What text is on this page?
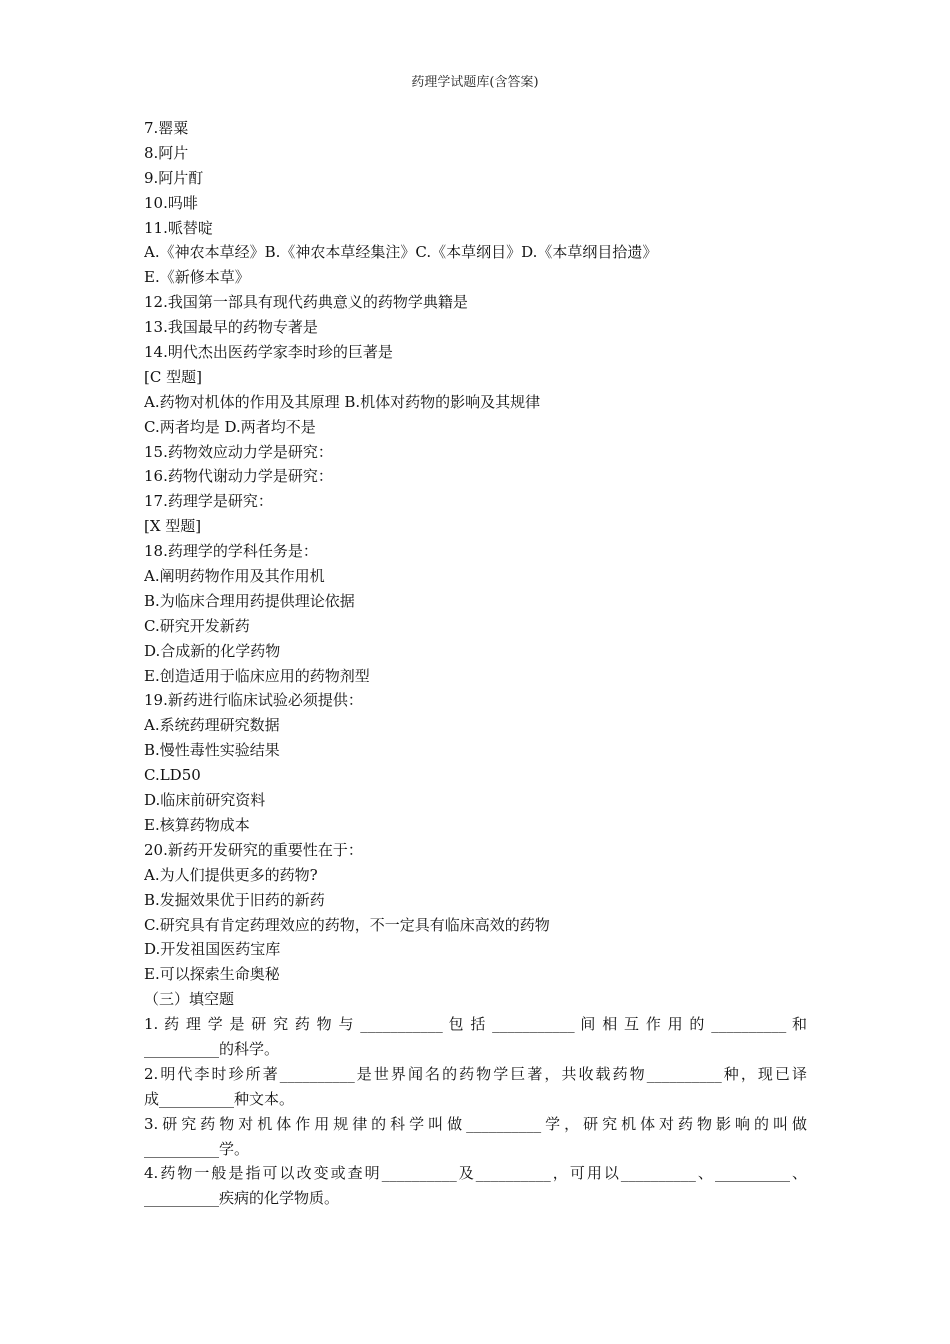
药理学试题库(含答案)
7.罂粟
8.阿片
9.阿片酊
10.吗啡
11.哌替啶
A.《神农本草经》B.《神农本草经集注》C.《本草纲目》D.《本草纲目拾遗》
E.《新修本草》
12.我国第一部具有现代药典意义的药物学典籍是
13.我国最早的药物专著是
14.明代杰出医药学家李时珍的巨著是
[C 型题]
A.药物对机体的作用及其原理 B.机体对药物的影响及其规律
C.两者均是 D.两者均不是
15.药物效应动力学是研究：
16.药物代谢动力学是研究：
17.药理学是研究：
[X 型题]
18.药理学的学科任务是：
A.阐明药物作用及其作用机
B.为临床合理用药提供理论依据
C.研究开发新药
D.合成新的化学药物
E.创造适用于临床应用的药物剂型
19.新药进行临床试验必须提供：
A.系统药理研究数据
B.慢性毒性实验结果
C.LD50
D.临床前研究资料
E.核算药物成本
20.新药开发研究的重要性在于：
A.为人们提供更多的药物?
B.发掘效果优于旧药的新药
C.研究具有肯定药理效应的药物，不一定具有临床高效的药物
D.开发祖国医药宝库
E.可以探索生命奥秘
（三）填空题
1. 药 理 学 是 研 究 药 物 与 ___________ 包 括 ___________ 间 相 互 作 用 的 __________ 和
__________的科学。
2.明代李时珍所著__________是世界闻名的药物学巨著，共收载药物__________种，现已译
成__________种文本。
3.研究药物对机体作用规律的科学叫做__________学，研究机体对药物影响的叫做
__________学。
4.药物一般是指可以改变或查明__________及__________，可用以__________、__________、
__________疾病的化学物质。
